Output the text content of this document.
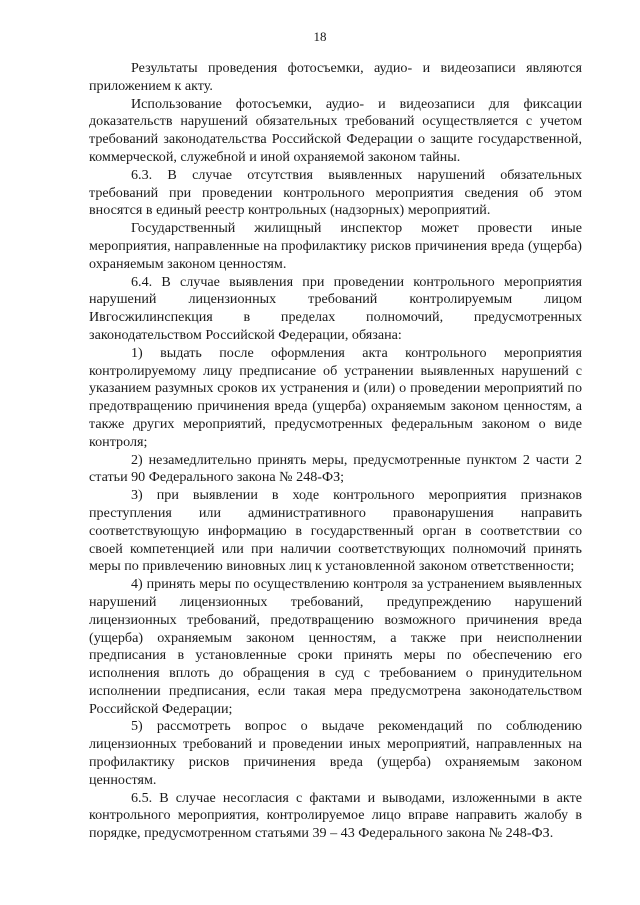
18

Результаты проведения фотосъемки, аудио- и видеозаписи являются приложением к акту.

Использование фотосъемки, аудио- и видеозаписи для фиксации доказательств нарушений обязательных требований осуществляется с учетом требований законодательства Российской Федерации о защите государственной, коммерческой, служебной и иной охраняемой законом тайны.

6.3. В случае отсутствия выявленных нарушений обязательных требований при проведении контрольного мероприятия сведения об этом вносятся в единый реестр контрольных (надзорных) мероприятий.

Государственный жилищный инспектор может провести иные мероприятия, направленные на профилактику рисков причинения вреда (ущерба) охраняемым законом ценностям.

6.4. В случае выявления при проведении контрольного мероприятия нарушений лицензионных требований контролируемым лицом Ивгосжилинспекция в пределах полномочий, предусмотренных законодательством Российской Федерации, обязана:

1) выдать после оформления акта контрольного мероприятия контролируемому лицу предписание об устранении выявленных нарушений с указанием разумных сроков их устранения и (или) о проведении мероприятий по предотвращению причинения вреда (ущерба) охраняемым законом ценностям, а также других мероприятий, предусмотренных федеральным законом о виде контроля;

2) незамедлительно принять меры, предусмотренные пунктом 2 части 2 статьи 90 Федерального закона № 248-ФЗ;

3) при выявлении в ходе контрольного мероприятия признаков преступления или административного правонарушения направить соответствующую информацию в государственный орган в соответствии со своей компетенцией или при наличии соответствующих полномочий принять меры по привлечению виновных лиц к установленной законом ответственности;

4) принять меры по осуществлению контроля за устранением выявленных нарушений лицензионных требований, предупреждению нарушений лицензионных требований, предотвращению возможного причинения вреда (ущерба) охраняемым законом ценностям, а также при неисполнении предписания в установленные сроки принять меры по обеспечению его исполнения вплоть до обращения в суд с требованием о принудительном исполнении предписания, если такая мера предусмотрена законодательством Российской Федерации;

5) рассмотреть вопрос о выдаче рекомендаций по соблюдению лицензионных требований и проведении иных мероприятий, направленных на профилактику рисков причинения вреда (ущерба) охраняемым законом ценностям.

6.5. В случае несогласия с фактами и выводами, изложенными в акте контрольного мероприятия, контролируемое лицо вправе направить жалобу в порядке, предусмотренном статьями 39 – 43 Федерального закона № 248-ФЗ.
